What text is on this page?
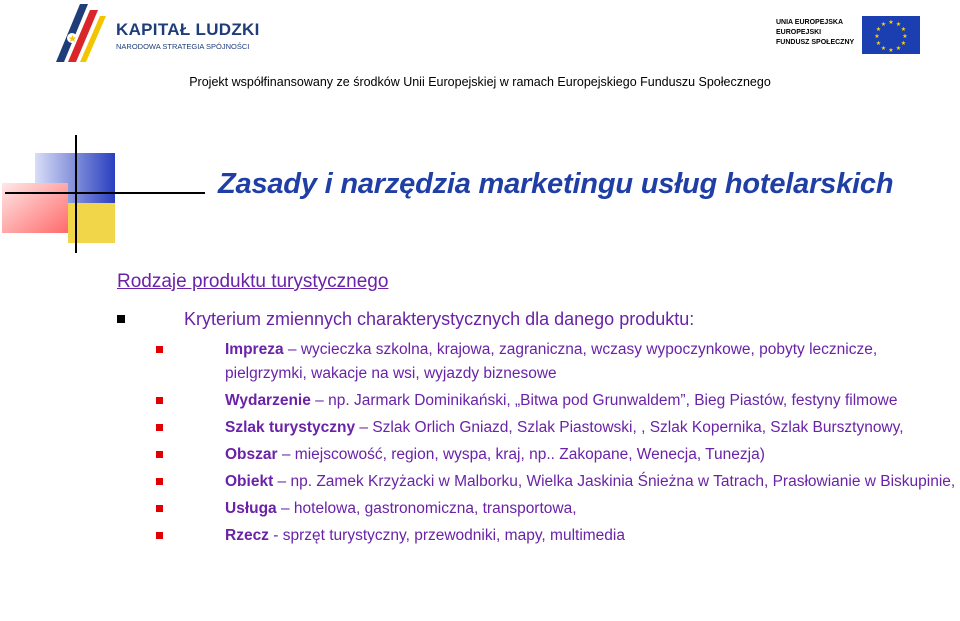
★
KAPITAŁ LUDZKI
NARODOWA STRATEGIA SPÓJNOŚCI
UNIA EUROPEJSKA
EUROPEJSKI
FUNDUSZ SPOŁECZNY
★ ★
★
★
★
★
★
★
★
★
★
★
Projekt współfinansowany ze środków Unii Europejskiej w ramach Europejskiego Funduszu Społecznego
Zasady i narzędzia marketingu usług hotelarskich
Rodzaje produktu turystycznego
Kryterium zmiennych charakterystycznych dla danego produktu:
Impreza – wycieczka szkolna, krajowa, zagraniczna, wczasy wypoczynkowe, pobyty lecznicze, pielgrzymki, wakacje na wsi, wyjazdy biznesowe
Wydarzenie – np. Jarmark Dominikański, „Bitwa pod Grunwaldem”, Bieg Piastów, festyny filmowe
Szlak turystyczny – Szlak Orlich Gniazd, Szlak Piastowski, , Szlak Kopernika, Szlak Bursztynowy,
Obszar – miejscowość, region, wyspa, kraj, np.. Zakopane, Wenecja, Tunezja)
Obiekt – np. Zamek Krzyżacki w Malborku, Wielka Jaskinia Śnieżna w Tatrach, Prasłowianie w Biskupinie,
Usługa – hotelowa, gastronomiczna, transportowa,
Rzecz - sprzęt turystyczny, przewodniki, mapy, multimedia
